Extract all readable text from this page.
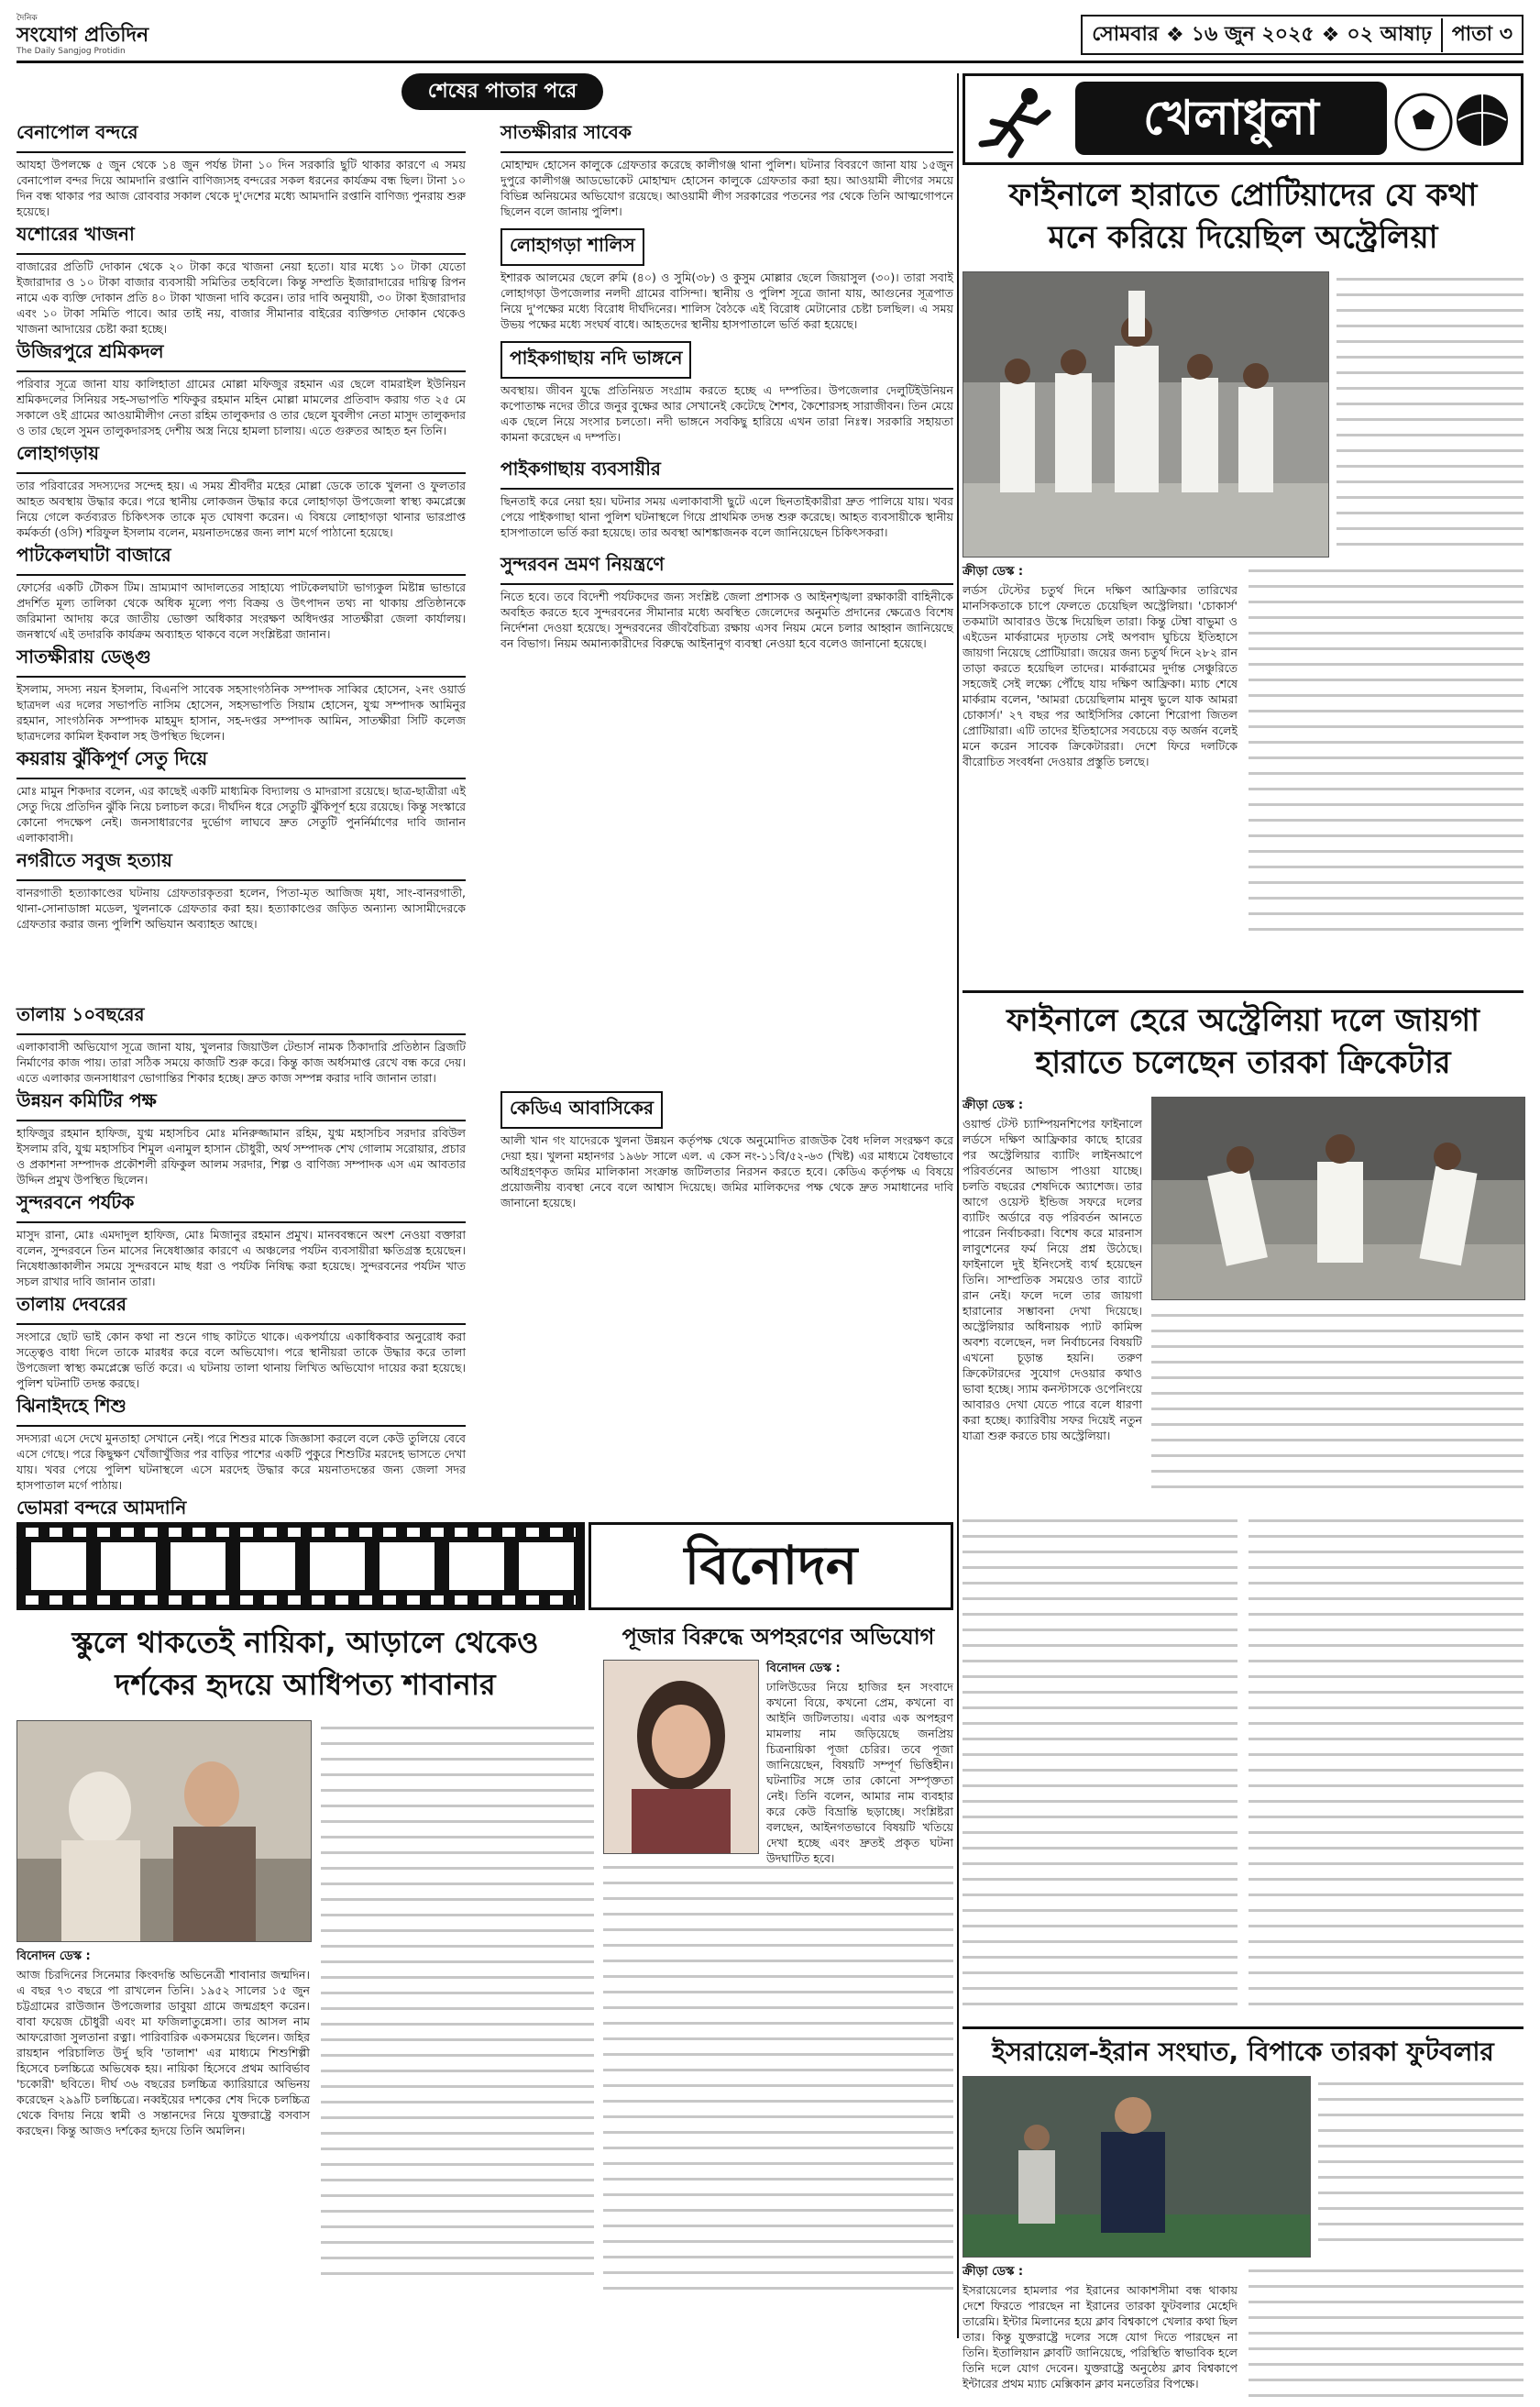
দৈনিক
সংযোগ প্রতিদিন
The Daily Sangjog Protidin
সোমবার ❖ ১৬ জুন ২০২৫ ❖ ০২ আষাঢ়	পাতা ৩
শেষের পাতার পরে
বেনাপোল বন্দরে

আযহা উপলক্ষে ৫ জুন থেকে ১৪ জুন পর্যন্ত টানা ১০ দিন সরকারি ছুটি থাকার কারণে এ সময় বেনাপোল বন্দর দিয়ে আমদানি রপ্তানি বাণিজ্যসহ বন্দরের সকল ধরনের কার্যক্রম বন্ধ ছিল। টানা ১০ দিন বন্ধ থাকার পর আজ রোববার সকাল থেকে দু'দেশের মধ্যে আমদানি রপ্তানি বাণিজ্য পুনরায় শুরু হয়েছে।

যশোরের খাজনা

বাজারের প্রতিটি দোকান থেকে ২০ টাকা করে খাজনা নেয়া হতো। যার মধ্যে ১০ টাকা যেতো ইজারাদার ও ১০ টাকা বাজার ব্যবসায়ী সমিতির তহবিলে। কিন্তু সম্প্রতি ইজারাদারের দায়িত্ব রিপন নামে এক ব্যক্তি দোকান প্রতি ৪০ টাকা খাজনা দাবি করেন। তার দাবি অনুযায়ী, ৩০ টাকা ইজারাদার এবং ১০ টাকা সমিতি পাবে। আর তাই নয়, বাজার সীমানার বাইরের ব্যক্তিগত দোকান থেকেও খাজনা আদায়ের চেষ্টা করা হচ্ছে।

উজিরপুরে শ্রমিকদল

পরিবার সূত্রে জানা যায় কালিহাতা গ্রামের মোল্লা মফিজুর রহমান এর ছেলে বামরাইল ইউনিয়ন শ্রমিকদলের সিনিয়র সহ-সভাপতি শফিকুর রহমান মহিন মোল্লা মামলের প্রতিবাদ করায় গত ২৫ মে সকালে ওই গ্রামের আওয়ামীলীগ নেতা রহিম তালুকদার ও তার ছেলে যুবলীগ নেতা মাসুদ তালুকদার ও তার ছেলে সুমন তালুকদারসহ দেশীয় অস্ত্র নিয়ে হামলা চালায়। এতে গুরুতর আহত হন তিনি।

লোহাগড়ায়

তার পরিবারের সদস্যদের সন্দেহ হয়। এ সময় শ্রীবর্দীর মহের মোল্লা ডেকে তাকে খুলনা ও ফুলতার আহত অবস্থায় উদ্ধার করে। পরে স্থানীয় লোকজন উদ্ধার করে লোহাগড়া উপজেলা স্বাস্থ্য কমপ্লেক্সে নিয়ে গেলে কর্তব্যরত চিকিৎসক তাকে মৃত ঘোষণা করেন। এ বিষয়ে লোহাগড়া থানার ভারপ্রাপ্ত কর্মকর্তা (ওসি) শরিফুল ইসলাম বলেন, ময়নাতদন্তের জন্য লাশ মর্গে পাঠানো হয়েছে।

পাটকেলঘাটা বাজারে

ফোর্সের একটি টৌকস টিম। ভ্রাম্যমাণ আদালতের সাহায্যে পাটকেলঘাটা ভাগ্যকুল মিষ্টান্ন ভান্ডারে প্রদর্শিত মূল্য তালিকা থেকে অধিক মূল্যে পণ্য বিক্রয় ও উৎপাদন তথ্য না থাকায় প্রতিষ্ঠানকে জরিমানা আদায় করে জাতীয় ভোক্তা অধিকার সংরক্ষণ অধিদপ্তর সাতক্ষীরা জেলা কার্যালয়। জনস্বার্থে এই তদারকি কার্যক্রম অব্যাহত থাকবে বলে সংশ্লিষ্টরা জানান।

সাতক্ষীরায় ডেঙ্গু

ইসলাম, সদস্য নয়ন ইসলাম, বিএনপি সাবেক সহসাংগঠনিক সম্পাদক সাব্বির হোসেন, ২নং ওয়ার্ড ছাত্রদল এর দলের সভাপতি নাসিম হোসেন, সহসভাপতি সিয়াম হোসেন, যুগ্ম সম্পাদক আমিনুর রহমান, সাংগঠনিক সম্পাদক মাহমুদ হাসান, সহ-দপ্তর সম্পাদক আমিন, সাতক্ষীরা সিটি কলেজ ছাত্রদলের কামিল ইকবাল সহ উপস্থিত ছিলেন।

কয়রায় ঝুঁকিপূর্ণ সেতু দিয়ে

মোঃ মামুন শিকদার বলেন, এর কাছেই একটি মাধ্যমিক বিদ্যালয় ও মাদরাসা রয়েছে। ছাত্র-ছাত্রীরা এই সেতু দিয়ে প্রতিদিন ঝুঁকি নিয়ে চলাচল করে। দীর্ঘদিন ধরে সেতুটি ঝুঁকিপূর্ণ হয়ে রয়েছে। কিন্তু সংস্কারে কোনো পদক্ষেপ নেই। জনসাধারণের দুর্ভোগ লাঘবে দ্রুত সেতুটি পুনর্নির্মাণের দাবি জানান এলাকাবাসী।

নগরীতে সবুজ হত্যায়

বানরগাতী হত্যাকাণ্ডের ঘটনায় গ্রেফতারকৃতরা হলেন, পিতা-মৃত আজিজ মৃধা, সাং-বানরগাতী, থানা-সোনাডাঙ্গা মডেল, খুলনাকে গ্রেফতার করা হয়। হত্যাকাণ্ডের জড়িত অন্যান্য আসামীদেরকে গ্রেফতার করার জন্য পুলিশি অভিযান অব্যাহত আছে।

তালায় ১০বছরের

এলাকাবাসী অভিযোগ সূত্রে জানা যায়, খুলনার জিয়াউল টেন্ডার্স নামক ঠিকাদারি প্রতিষ্ঠান ব্রিজটি নির্মাণের কাজ পায়। তারা সঠিক সময়ে কাজটি শুরু করে। কিন্তু কাজ অর্ধসমাপ্ত রেখে বন্ধ করে দেয়। এতে এলাকার জনসাধারণ ভোগান্তির শিকার হচ্ছে। দ্রুত কাজ সম্পন্ন করার দাবি জানান তারা।

উন্নয়ন কমিটির পক্ষ

হাফিজুর রহমান হাফিজ, যুগ্ম মহাসচিব মোঃ মনিরুজ্জামান রহিম, যুগ্ম মহাসচিব সরদার রবিউল ইসলাম রবি, যুগ্ম মহাসচিব শিমুল এনামুল হাসান চৌধুরী, অর্থ সম্পাদক শেখ গোলাম সরোয়ার, প্রচার ও প্রকাশনা সম্পাদক প্রকৌশলী রফিকুল আলম সরদার, শিল্প ও বাণিজ্য সম্পাদক এস এম আবতার উদ্দিন প্রমুখ উপস্থিত ছিলেন।

সুন্দরবনে পর্যটক

মাসুদ রানা, মোঃ এমদাদুল হাফিজ, মোঃ মিজানুর রহমান প্রমুখ। মানববন্ধনে অংশ নেওয়া বক্তারা বলেন, সুন্দরবনে তিন মাসের নিষেধাজ্ঞার কারণে এ অঞ্চলের পর্যটন ব্যবসায়ীরা ক্ষতিগ্রস্ত হয়েছেন। নিষেধাজ্ঞাকালীন সময়ে সুন্দরবনে মাছ ধরা ও পর্যটক নিষিদ্ধ করা হয়েছে। সুন্দরবনের পর্যটন খাত সচল রাখার দাবি জানান তারা।

তালায় দেবরের

সংসারে ছোট ভাই কোন কথা না শুনে গাছ কাটতে থাকে। একপর্যায়ে একাধিকবার অনুরোধ করা সত্ত্বেও বাধা দিলে তাকে মারধর করে বলে অভিযোগ। পরে স্থানীয়রা তাকে উদ্ধার করে তালা উপজেলা স্বাস্থ্য কমপ্লেক্সে ভর্তি করে। এ ঘটনায় তালা থানায় লিখিত অভিযোগ দায়ের করা হয়েছে। পুলিশ ঘটনাটি তদন্ত করছে।

ঝিনাইদহে শিশু

সদস্যরা এসে দেখে মুনতাহা সেখানে নেই। পরে শিশুর মাকে জিজ্ঞাসা করলে বলে কেউ তুলিয়ে বেবে এসে গেছে। পরে কিছুক্ষণ খোঁজাখুঁজির পর বাড়ির পাশের একটি পুকুরে শিশুটির মরদেহ ভাসতে দেখা যায়। খবর পেয়ে পুলিশ ঘটনাস্থলে এসে মরদেহ উদ্ধার করে ময়নাতদন্তের জন্য জেলা সদর হাসপাতাল মর্গে পাঠায়।

ভোমরা বন্দরে আমদানি

সাতক্ষীরার সাবেক

মোহাম্মদ হোসেন কালুকে গ্রেফতার করেছে কালীগঞ্জ থানা পুলিশ। ঘটনার বিবরণে জানা যায় ১৫জুন দুপুরে কালীগঞ্জ আডভোকেট মোহাম্মদ হোসেন কালুকে গ্রেফতার করা হয়। আওয়ামী লীগের সময়ে বিভিন্ন অনিয়মের অভিযোগ রয়েছে। আওয়ামী লীগ সরকারের পতনের পর থেকে তিনি আত্মগোপনে ছিলেন বলে জানায় পুলিশ।

লোহাগড়া শালিস

ইশারক আলমের ছেলে রুমি (৪০) ও সুমি(৩৮) ও কুসুম মোল্লার ছেলে জিয়াসুল (৩০)। তারা সবাই লোহাগড়া উপজেলার নলদী গ্রামের বাসিন্দা। স্থানীয় ও পুলিশ সূত্রে জানা যায়, আগুনের সূত্রপাত নিয়ে দু'পক্ষের মধ্যে বিরোধ দীর্ঘদিনের। শালিস বৈঠকে এই বিরোধ মেটানোর চেষ্টা চলছিল। এ সময় উভয় পক্ষের মধ্যে সংঘর্ষ বাধে। আহতদের স্থানীয় হাসপাতালে ভর্তি করা হয়েছে।

পাইকগাছায় নদি ভাঙ্গনে

অবস্থায়। জীবন যুদ্ধে প্রতিনিয়ত সংগ্রাম করতে হচ্ছে এ দম্পতির। উপজেলার দেলুটিইউনিয়ন কপোতাক্ষ নদের তীরে জনুর বুক্ষের আর সেখানেই কেটেছে শৈশব, কৈশোরসহ সারাজীবন। তিন মেয়ে এক ছেলে নিয়ে সংসার চলতো। নদী ভাঙ্গনে সবকিছু হারিয়ে এখন তারা নিঃস্ব। সরকারি সহায়তা কামনা করেছেন এ দম্পতি।

পাইকগাছায় ব্যবসায়ীর

ছিনতাই করে নেয়া হয়। ঘটনার সময় এলাকাবাসী ছুটে এলে ছিনতাইকারীরা দ্রুত পালিয়ে যায়। খবর পেয়ে পাইকগাছা থানা পুলিশ ঘটনাস্থলে গিয়ে প্রাথমিক তদন্ত শুরু করেছে। আহত ব্যবসায়ীকে স্থানীয় হাসপাতালে ভর্তি করা হয়েছে। তার অবস্থা আশঙ্কাজনক বলে জানিয়েছেন চিকিৎসকরা।

সুন্দরবন ভ্রমণ নিয়ন্ত্রণে

নিতে হবে। তবে বিদেশী পর্যটকদের জন্য সংশ্লিষ্ট জেলা প্রশাসক ও আইনশৃঙ্খলা রক্ষাকারী বাহিনীকে অবহিত করতে হবে সুন্দরবনের সীমানার মধ্যে অবস্থিত জেলেদের অনুমতি প্রদানের ক্ষেত্রেও বিশেষ নির্দেশনা দেওয়া হয়েছে। সুন্দরবনের জীববৈচিত্র্য রক্ষায় এসব নিয়ম মেনে চলার আহ্বান জানিয়েছে বন বিভাগ। নিয়ম অমান্যকারীদের বিরুদ্ধে আইনানুগ ব্যবস্থা নেওয়া হবে বলেও জানানো হয়েছে।

কেডিএ আবাসিকের

আলী খান গং যাদেরকে খুলনা উন্নয়ন কর্তৃপক্ষ থেকে অনুমোদিত রাজউক বৈধ দলিল সংরক্ষণ করে দেয়া হয়। খুলনা মহানগর ১৯৬৮ সালে এল. এ কেস নং-১১বি/৫২-৬৩ (খিষ্ট) এর মাধ্যমে বৈধভাবে অধিগ্রহণকৃত জমির মালিকানা সংক্রান্ত জটিলতার নিরসন করতে হবে। কেডিএ কর্তৃপক্ষ এ বিষয়ে প্রয়োজনীয় ব্যবস্থা নেবে বলে আশ্বাস দিয়েছে। জমির মালিকদের পক্ষ থেকে দ্রুত সমাধানের দাবি জানানো হয়েছে।

বিনোদন
স্কুলে থাকতেই নায়িকা, আড়ালে থেকেও
দর্শকের হৃদয়ে আধিপত্য শাবানার
বিনোদন ডেস্ক :

আজ চিরদিনের সিনেমার কিংবদন্তি অভিনেত্রী শাবানার জন্মদিন। এ বছর ৭৩ বছরে পা রাখলেন তিনি। ১৯৫২ সালের ১৫ জুন চট্টগ্রামের রাউজান উপজেলার ডাবুয়া গ্রামে জন্মগ্রহণ করেন। বাবা ফয়েজ চৌধুরী এবং মা ফজিলাতুন্নেসা। তার আসল নাম আফরোজা সুলতানা রত্না। পারিবারিক একসময়ের ছিলেন। জহির রায়হান পরিচালিত উর্দু ছবি 'তালাশ' এর মাধ্যমে শিশুশিল্পী হিসেবে চলচ্চিত্রে অভিষেক হয়। নায়িকা হিসেবে প্রথম আবির্ভাব 'চকোরী' ছবিতে। দীর্ঘ ৩৬ বছরের চলচ্চিত্র ক্যারিয়ারে অভিনয় করেছেন ২৯৯টি চলচ্চিত্রে। নব্বইয়ের দশকের শেষ দিকে চলচ্চিত্র থেকে বিদায় নিয়ে স্বামী ও সন্তানদের নিয়ে যুক্তরাষ্ট্রে বসবাস করছেন। কিন্তু আজও দর্শকের হৃদয়ে তিনি অমলিন।

পূজার বিরুদ্ধে অপহরণের অভিযোগ
বিনোদন ডেস্ক :

ঢালিউডের নিয়ে হাজির হন সংবাদে কখনো বিয়ে, কখনো প্রেম, কখনো বা আইনি জটিলতায়। এবার এক অপহরণ মামলায় নাম জড়িয়েছে জনপ্রিয় চিত্রনায়িকা পূজা চেরির। তবে পূজা জানিয়েছেন, বিষয়টি সম্পূর্ণ ভিত্তিহীন। ঘটনাটির সঙ্গে তার কোনো সম্পৃক্ততা নেই। তিনি বলেন, আমার নাম ব্যবহার করে কেউ বিভ্রান্তি ছড়াচ্ছে। সংশ্লিষ্টরা বলছেন, আইনগতভাবে বিষয়টি খতিয়ে দেখা হচ্ছে এবং দ্রুতই প্রকৃত ঘটনা উদঘাটিত হবে।

খেলাধুলা
ফাইনালে হারাতে প্রোটিয়াদের যে কথা
মনে করিয়ে দিয়েছিল অস্ট্রেলিয়া

ক্রীড়া ডেস্ক :

লর্ডস টেস্টের চতুর্থ দিনে দক্ষিণ আফ্রিকার তারিখের মানসিকতাকে চাপে ফেলতে চেয়েছিল অস্ট্রেলিয়া। 'চোকার্স' তকমাটা আবারও উস্কে দিয়েছিল তারা। কিন্তু টেম্বা বাভুমা ও এইডেন মার্করামের দৃঢ়তায় সেই অপবাদ ঘুচিয়ে ইতিহাসে জায়গা নিয়েছে প্রোটিয়ারা। জয়ের জন্য চতুর্থ দিনে ২৮২ রান তাড়া করতে হয়েছিল তাদের। মার্করামের দুর্দান্ত সেঞ্চুরিতে সহজেই সেই লক্ষ্যে পৌঁছে যায় দক্ষিণ আফ্রিকা। ম্যাচ শেষে মার্করাম বলেন, 'আমরা চেয়েছিলাম মানুষ ভুলে যাক আমরা চোকার্স।' ২৭ বছর পর আইসিসির কোনো শিরোপা জিতল প্রোটিয়ারা। এটি তাদের ইতিহাসের সবচেয়ে বড় অর্জন বলেই মনে করেন সাবেক ক্রিকেটাররা। দেশে ফিরে দলটিকে বীরোচিত সংবর্ধনা দেওয়ার প্রস্তুতি চলছে।

ফাইনালে হেরে অস্ট্রেলিয়া দলে জায়গা
হারাতে চলেছেন তারকা ক্রিকেটার
ক্রীড়া ডেস্ক :

ওয়ার্ল্ড টেস্ট চ্যাম্পিয়নশিপের ফাইনালে লর্ডসে দক্ষিণ আফ্রিকার কাছে হারের পর অস্ট্রেলিয়ার ব্যাটিং লাইনআপে পরিবর্তনের আভাস পাওয়া যাচ্ছে। চলতি বছরের শেষদিকে অ্যাশেজ। তার আগে ওয়েস্ট ইন্ডিজ সফরে দলের ব্যাটিং অর্ডারে বড় পরিবর্তন আনতে পারেন নির্বাচকরা। বিশেষ করে মারনাস লাবুশেনের ফর্ম নিয়ে প্রশ্ন উঠেছে। ফাইনালে দুই ইনিংসেই ব্যর্থ হয়েছেন তিনি। সাম্প্রতিক সময়েও তার ব্যাটে রান নেই। ফলে দলে তার জায়গা হারানোর সম্ভাবনা দেখা দিয়েছে। অস্ট্রেলিয়ার অধিনায়ক প্যাট কামিন্স অবশ্য বলেছেন, দল নির্বাচনের বিষয়টি এখনো চূড়ান্ত হয়নি। তরুণ ক্রিকেটারদের সুযোগ দেওয়ার কথাও ভাবা হচ্ছে। স্যাম কনস্টাসকে ওপেনিংয়ে আবারও দেখা যেতে পারে বলে ধারণা করা হচ্ছে। ক্যারিবীয় সফর দিয়েই নতুন যাত্রা শুরু করতে চায় অস্ট্রেলিয়া।

ইসরায়েল-ইরান সংঘাত, বিপাকে তারকা ফুটবলার

ক্রীড়া ডেস্ক :

ইসরায়েলের হামলার পর ইরানের আকাশসীমা বন্ধ থাকায় দেশে ফিরতে পারছেন না ইরানের তারকা ফুটবলার মেহেদি তারেমি। ইন্টার মিলানের হয়ে ক্লাব বিশ্বকাপে খেলার কথা ছিল তার। কিন্তু যুক্তরাষ্ট্রে দলের সঙ্গে যোগ দিতে পারছেন না তিনি। ইতালিয়ান ক্লাবটি জানিয়েছে, পরিস্থিতি স্বাভাবিক হলে তিনি দলে যোগ দেবেন। যুক্তরাষ্ট্রে অনুষ্ঠেয় ক্লাব বিশ্বকাপে ইন্টারের প্রথম ম্যাচ মেক্সিকান ক্লাব মনতেরির বিপক্ষে।
